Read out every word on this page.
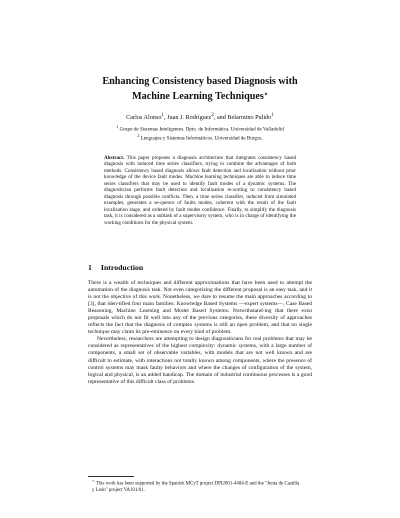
Enhancing Consistency based Diagnosis with
Machine Learning Techniques⋆
Carlos Alonso$^1$, Juan J. Rodríguez$^2$, and Belarmino Pulido$^1$
$^1$ Grupo de Sistemas Inteligentes. Dpto. de Informática. Universidad de Valladolid
$^2$ Lenguajes y Sistemas Informáticos. Universidad de Burgos.
Abstract. This paper proposes a diagnosis architecture that integrates consistency based diagnosis with induced time series classifiers, trying to combine the advantages of both methods. Consistency based diagnosis allows fault detection and localization without prior knowledge of the device fault modes. Machine learning techniques are able to induce time series classifiers that may be used to identify fault modes of a dynamic systems. The diagnostician performs fault detection and localization re-sorting to consistency based diagnosis through possible conflicts. Then, a time series classifier, induced from simulated examples, generates a se-quence of faults modes, coherent with the result of the fault localization stage, and ordered by fault modes confidence. Finally, to simplify the diagnosis task, it is considered as a subtask of a supervisory system, who is in charge of identifying the working conditions for the physical system.
1 Introduction

There is a wealth of techniques and different approximations that have been used to attempt the automation of the diagnosis task. Not even categorizing the different proposal is an easy task, and it is not the objective of this work. Nonetheless, we dare to resume the main approaches according to [3], that iden-tified four main families: Knowledge Based Systems —expert systems—, Case Based Reasoning, Machine Learning and Model Based Systems. Notwithstand-ing that there exist proposals which do not fit well into any of the previous categories, these diversity of approaches reflects the fact that the diagnosis of complex systems is still an open problem, and that no single technique may claim its pre-eminence on every kind of problem.

Nevertheless, researchers are attempting to design diagnosticians for real problems that may be considered as representatives of the highest complexity: dynamic systems, with a large number of components, a small set of observable variables, with models that are not well known and are difficult to estimate, with interactions not totally known among components, where the presence of control systems may mask faulty behaviors and where the changes of configuration of the system, logical and physical, is an added handicap. The domain of industrial continuous processes is a good representative of this difficult class of problems.

⋆ This work has been supported by the Spanish MCyT project DPI2001-4404-E and the "Junta de Castilla y León" project VA101/01.
